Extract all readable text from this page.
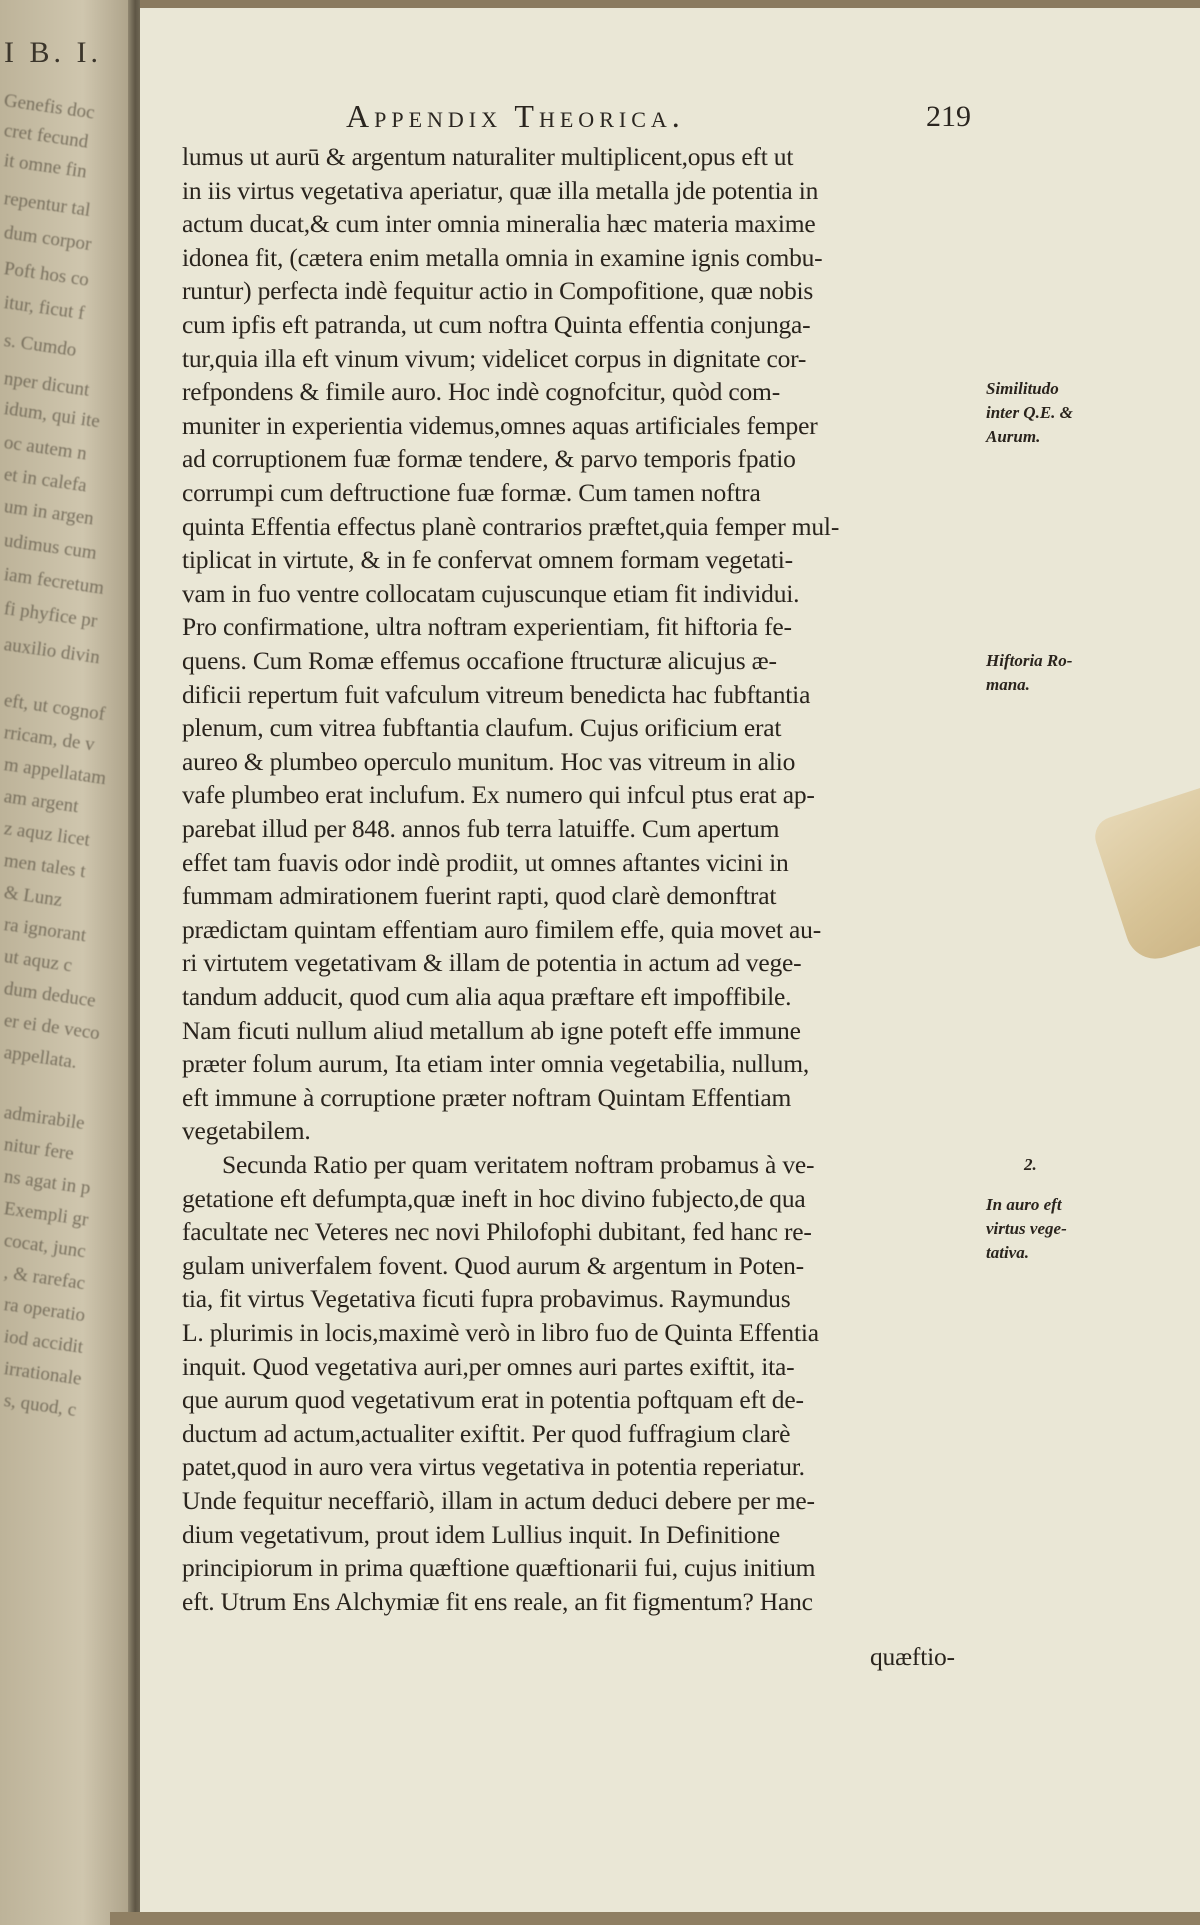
I B. I.
Genefis doc
cret fecund
it omne fin
repentur tal
dum corpor
Poft hos co
itur, ficut f
s. Cumdo
nper dicunt
idum, qui ite
oc autem n
et in calefa
um in argen
udimus cum
iam fecretum
fi phyfice pr
auxilio divin
eft, ut cognof
rricam, de v
m appellatam
am argent
z aquz licet
men tales t
& Lunz
ra ignorant
ut aquz c
dum deduce
er ei de veco
appellata.
admirabile
nitur fere
ns agat in p
Exempli gr
cocat, junc
, & rarefac
ra operatio
iod accidit
irrationale
s, quod, c
Appendix Theorica.	219
lumus ut aurū & argentum naturaliter multiplicent,opus eft ut
in iis virtus vegetativa aperiatur, quæ illa metalla jde potentia in
actum ducat,& cum inter omnia mineralia hæc materia maxime
idonea fit, (cætera enim metalla omnia in examine ignis combu-
runtur) perfecta indè fequitur actio in Compofitione, quæ nobis
cum ipfis eft patranda, ut cum noftra Quinta effentia conjunga-
tur,quia illa eft vinum vivum; videlicet corpus in dignitate cor-
refpondens & fimile auro. Hoc indè cognofcitur, quòd com-
muniter in experientia videmus,omnes aquas artificiales femper
ad corruptionem fuæ formæ tendere, & parvo temporis fpatio
corrumpi cum deftructione fuæ formæ. Cum tamen noftra
quinta Effentia effectus planè contrarios præftet,quia femper mul-
tiplicat in virtute, & in fe confervat omnem formam vegetati-
vam in fuo ventre collocatam cujuscunque etiam fit individui.
Pro confirmatione, ultra noftram experientiam, fit hiftoria fe-
quens. Cum Romæ effemus occafione ftructuræ alicujus æ-
dificii repertum fuit vafculum vitreum benedicta hac fubftantia
plenum, cum vitrea fubftantia claufum. Cujus orificium erat
aureo & plumbeo operculo munitum. Hoc vas vitreum in alio
vafe plumbeo erat inclufum. Ex numero qui infcul ptus erat ap-
parebat illud per 848. annos fub terra latuiffe. Cum apertum
effet tam fuavis odor indè prodiit, ut omnes aftantes vicini in
fummam admirationem fuerint rapti, quod clarè demonftrat
prædictam quintam effentiam auro fimilem effe, quia movet au-
ri virtutem vegetativam & illam de potentia in actum ad vege-
tandum adducit, quod cum alia aqua præftare eft impoffibile.
Nam ficuti nullum aliud metallum ab igne poteft effe immune
præter folum aurum, Ita etiam inter omnia vegetabilia, nullum,
eft immune à corruptione præter noftram Quintam Effentiam
vegetabilem.
Secunda Ratio per quam veritatem noftram probamus à ve-
getatione eft defumpta,quæ ineft in hoc divino fubjecto,de qua
facultate nec Veteres nec novi Philofophi dubitant, fed hanc re-
gulam univerfalem fovent. Quod aurum & argentum in Poten-
tia, fit virtus Vegetativa ficuti fupra probavimus. Raymundus
L. plurimis in locis,maximè verò in libro fuo de Quinta Effentia
inquit. Quod vegetativa auri,per omnes auri partes exiftit, ita-
que aurum quod vegetativum erat in potentia poftquam eft de-
ductum ad actum,actualiter exiftit. Per quod fuffragium clarè
patet,quod in auro vera virtus vegetativa in potentia reperiatur.
Unde fequitur neceffariò, illam in actum deduci debere per me-
dium vegetativum, prout idem Lullius inquit. In Definitione
principiorum in prima quæftione quæftionarii fui, cujus initium
eft. Utrum Ens Alchymiæ fit ens reale, an fit figmentum? Hanc
Similitudo
inter Q.E. &
Aurum.
Hiftoria Ro-
mana.
2.
In auro eft
virtus vege-
tativa.
quæftio-
